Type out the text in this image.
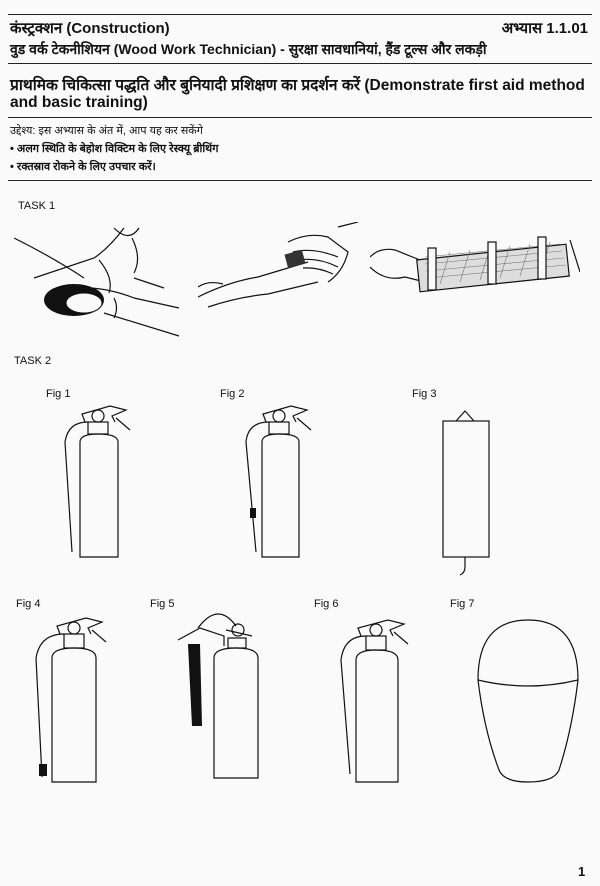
कंस्ट्रक्शन (Construction)	अभ्यास 1.1.01
वुड वर्क टेकनीशियन (Wood Work Technician) - सुरक्षा सावधानियां, हैंड टूल्स और लकड़ी
प्राथमिक चिकित्सा पद्धति और बुनियादी प्रशिक्षण का प्रदर्शन करें (Demonstrate first aid method
and basic training)
उद्देश्य: इस अभ्यास के अंत में, आप यह कर सकेंगे
• अलग स्थिति के बेहोश विक्टिम के लिए रेस्क्यू ब्रीथिंग
• रक्तस्राव रोकने के लिए उपचार करें।
TASK 1
TASK 2
Fig 1	Fig 2	Fig 3
Fig 4	Fig 5	Fig 6	Fig 7
1
